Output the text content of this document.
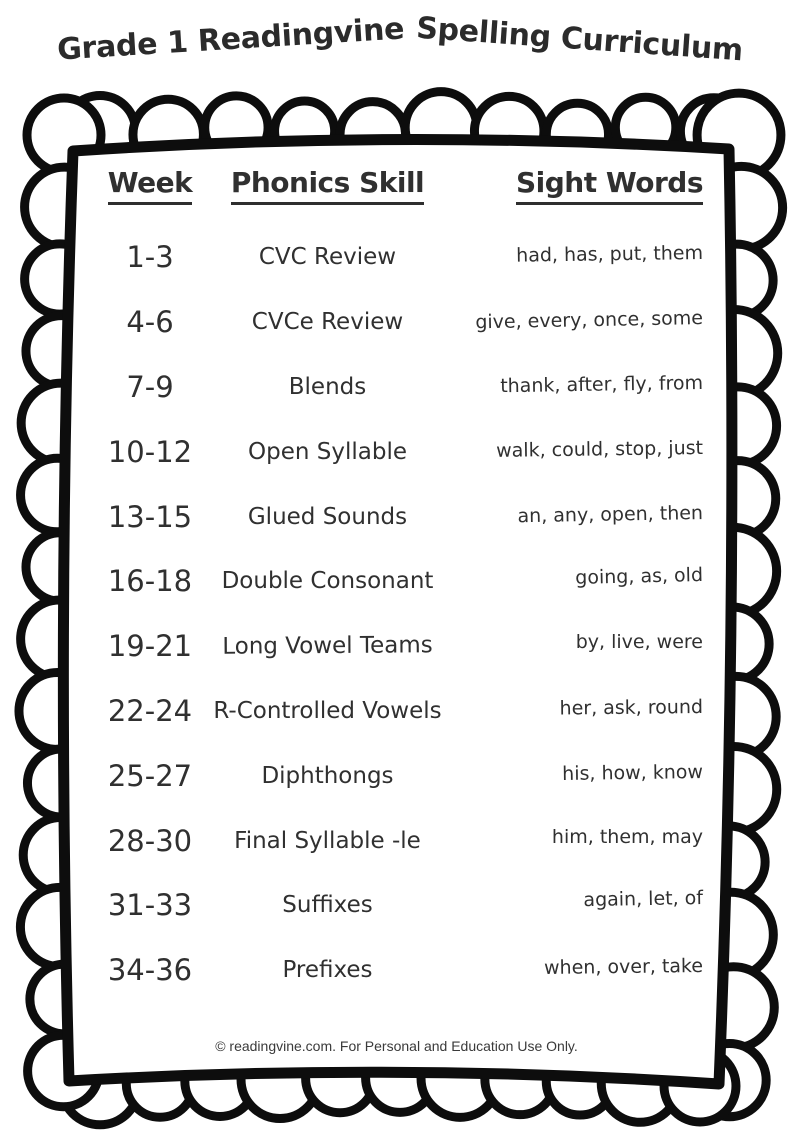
Grade 1 Readingvine Spelling Curriculum
Week	Phonics Skill	Sight Words
1-3	CVC Review	had, has, put, them
4-6	CVCe Review	give, every, once, some
7-9	Blends	thank, after, fly, from
10-12	Open Syllable	walk, could, stop, just
13-15	Glued Sounds	an, any, open, then
16-18	Double Consonant	going, as, old
19-21	Long Vowel Teams	by, live, were
22-24 R-Controlled Vowels	her, ask, round
25-27	Diphthongs	his, how, know
28-30	Final Syllable -le	him, them, may
31-33	Suffixes	again, let, of
34-36	Prefixes	when, over, take
© readingvine.com. For Personal and Education Use Only.
